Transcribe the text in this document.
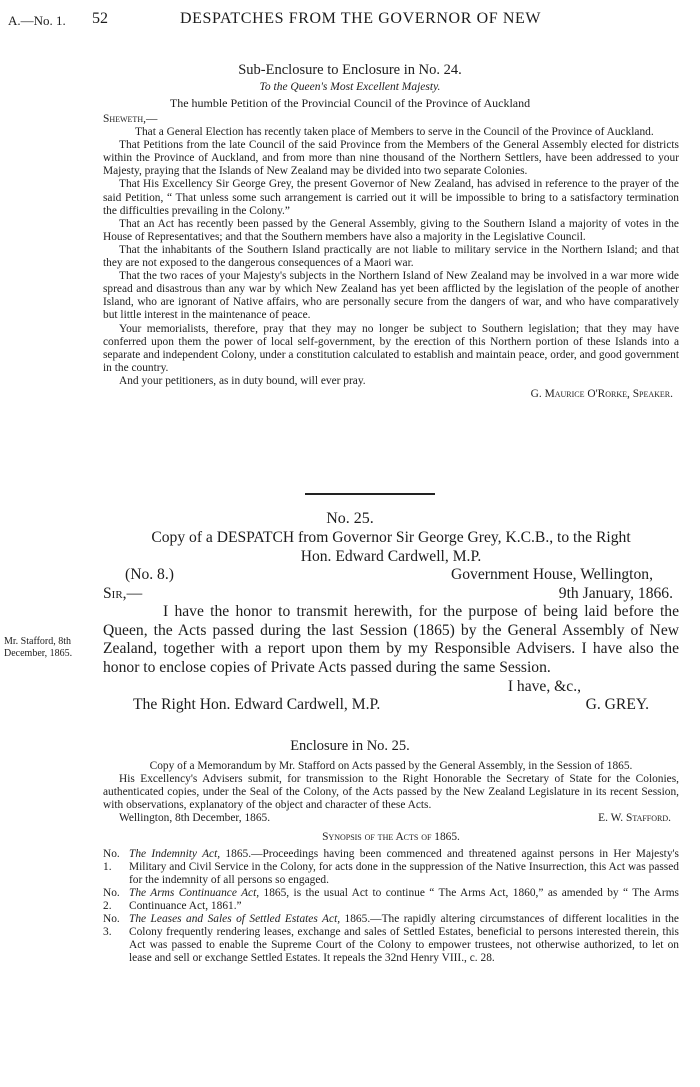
A.—No. 1. 52	DESPATCHES FROM THE GOVERNOR OF NEW
Sub-Enclosure to Enclosure in No. 24.
To the Queen's Most Excellent Majesty.
The humble Petition of the Provincial Council of the Province of Auckland

Sheweth,—

That a General Election has recently taken place of Members to serve in the Council of the Province of Auckland.

That Petitions from the late Council of the said Province from the Members of the General Assembly elected for districts within the Province of Auckland, and from more than nine thousand of the Northern Settlers, have been addressed to your Majesty, praying that the Islands of New Zealand may be divided into two separate Colonies.

That His Excellency Sir George Grey, the present Governor of New Zealand, has advised in reference to the prayer of the said Petition, “ That unless some such arrangement is carried out it will be impossible to bring to a satisfactory termination the difficulties prevailing in the Colony.”

That an Act has recently been passed by the General Assembly, giving to the Southern Island a majority of votes in the House of Representatives; and that the Southern members have also a majority in the Legislative Council.

That the inhabitants of the Southern Island practically are not liable to military service in the Northern Island; and that they are not exposed to the dangerous consequences of a Maori war.

That the two races of your Majesty's subjects in the Northern Island of New Zealand may be involved in a war more wide spread and disastrous than any war by which New Zealand has yet been afflicted by the legislation of the people of another Island, who are ignorant of Native affairs, who are personally secure from the dangers of war, and who have comparatively but little interest in the maintenance of peace.

Your memorialists, therefore, pray that they may no longer be subject to Southern legislation; that they may have conferred upon them the power of local self-government, by the erection of this Northern portion of these Islands into a separate and independent Colony, under a constitution calculated to establish and maintain peace, order, and good government in the country.

And your petitioners, as in duty bound, will ever pray.

G. Maurice O'Rorke, Speaker.

No. 25.
Copy of a DESPATCH from Governor Sir George Grey, K.C.B., to the Right
Hon. Edward Cardwell, M.P.
(No. 8.)	Government House, Wellington,
Sir,—	9th January, 1866.

I have the honor to transmit herewith, for the purpose of being laid before the Queen, the Acts passed during the last Session (1865) by the General Assembly of New Zealand, together with a report upon them by my Responsible Advisers. I have also the honor to enclose copies of Private Acts passed during the same Session.

I have, &c.,

The Right Hon. Edward Cardwell, M.P.	G. GREY.
Mr. Stafford, 8th December, 1865.
Enclosure in No. 25.

Copy of a Memorandum by Mr. Stafford on Acts passed by the General Assembly, in the Session of 1865.

His Excellency's Advisers submit, for transmission to the Right Honorable the Secretary of State for the Colonies, authenticated copies, under the Seal of the Colony, of the Acts passed by the New Zealand Legislature in its recent Session, with observations, explanatory of the object and character of these Acts.

Wellington, 8th December, 1865.	E. W. Stafford.

Synopsis of the Acts of 1865.

No. 1.
The Indemnity Act, 1865.—Proceedings having been commenced and threatened against persons in Her Majesty's Military and Civil Service in the Colony, for acts done in the suppression of the Native Insurrection, this Act was passed for the indemnity of all persons so engaged.
No. 2.
The Arms Continuance Act, 1865, is the usual Act to continue “ The Arms Act, 1860,” as amended by “ The Arms Continuance Act, 1861.”
No. 3.
The Leases and Sales of Settled Estates Act, 1865.—The rapidly altering circumstances of different localities in the Colony frequently rendering leases, exchange and sales of Settled Estates, beneficial to persons interested therein, this Act was passed to enable the Supreme Court of the Colony to empower trustees, not otherwise authorized, to let on lease and sell or exchange Settled Estates. It repeals the 32nd Henry VIII., c. 28.
